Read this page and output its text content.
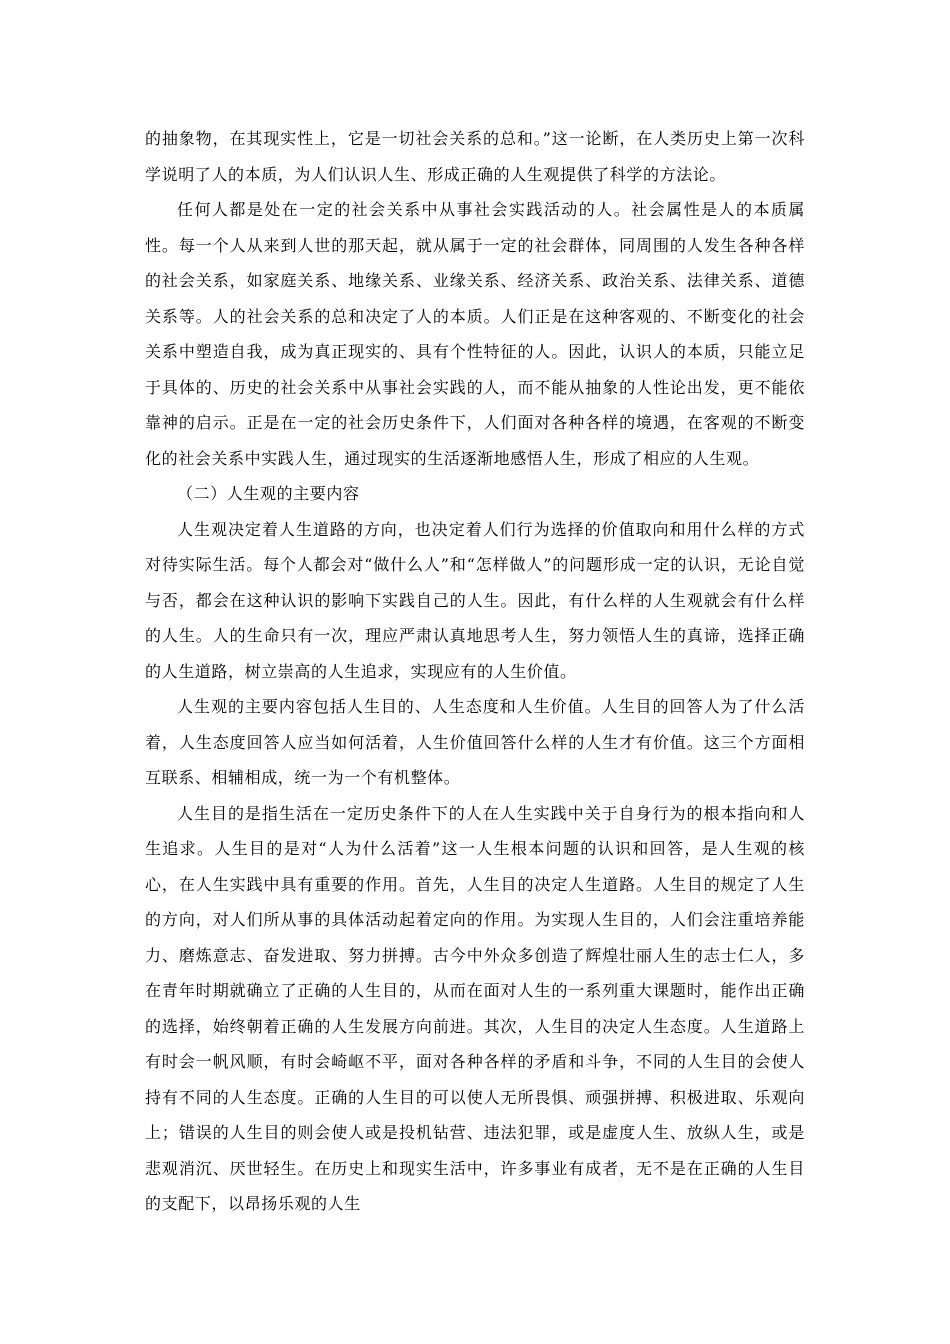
的抽象物，在其现实性上，它是一切社会关系的总和。”这一论断，在人类历史上第一次科学说明了人的本质，为人们认识人生、形成正确的人生观提供了科学的方法论。

任何人都是处在一定的社会关系中从事社会实践活动的人。社会属性是人的本质属性。每一个人从来到人世的那天起，就从属于一定的社会群体，同周围的人发生各种各样的社会关系，如家庭关系、地缘关系、业缘关系、经济关系、政治关系、法律关系、道德关系等。人的社会关系的总和决定了人的本质。人们正是在这种客观的、不断变化的社会关系中塑造自我，成为真正现实的、具有个性特征的人。因此，认识人的本质，只能立足于具体的、历史的社会关系中从事社会实践的人，而不能从抽象的人性论出发，更不能依靠神的启示。正是在一定的社会历史条件下，人们面对各种各样的境遇，在客观的不断变化的社会关系中实践人生，通过现实的生活逐渐地感悟人生，形成了相应的人生观。

（二）人生观的主要内容

人生观决定着人生道路的方向，也决定着人们行为选择的价值取向和用什么样的方式对待实际生活。每个人都会对“做什么人”和“怎样做人”的问题形成一定的认识，无论自觉与否，都会在这种认识的影响下实践自己的人生。因此，有什么样的人生观就会有什么样的人生。人的生命只有一次，理应严肃认真地思考人生，努力领悟人生的真谛，选择正确的人生道路，树立崇高的人生追求，实现应有的人生价值。

人生观的主要内容包括人生目的、人生态度和人生价值。人生目的回答人为了什么活着，人生态度回答人应当如何活着，人生价值回答什么样的人生才有价值。这三个方面相互联系、相辅相成，统一为一个有机整体。

人生目的是指生活在一定历史条件下的人在人生实践中关于自身行为的根本指向和人生追求。人生目的是对“人为什么活着”这一人生根本问题的认识和回答，是人生观的核心，在人生实践中具有重要的作用。首先，人生目的决定人生道路。人生目的规定了人生的方向，对人们所从事的具体活动起着定向的作用。为实现人生目的，人们会注重培养能力、磨炼意志、奋发进取、努力拼搏。古今中外众多创造了辉煌壮丽人生的志士仁人，多在青年时期就确立了正确的人生目的，从而在面对人生的一系列重大课题时，能作出正确的选择，始终朝着正确的人生发展方向前进。其次，人生目的决定人生态度。人生道路上有时会一帆风顺，有时会崎岖不平，面对各种各样的矛盾和斗争，不同的人生目的会使人持有不同的人生态度。正确的人生目的可以使人无所畏惧、顽强拼搏、积极进取、乐观向上；错误的人生目的则会使人或是投机钻营、违法犯罪，或是虚度人生、放纵人生，或是悲观消沉、厌世轻生。在历史上和现实生活中，许多事业有成者，无不是在正确的人生目的支配下，以昂扬乐观的人生
